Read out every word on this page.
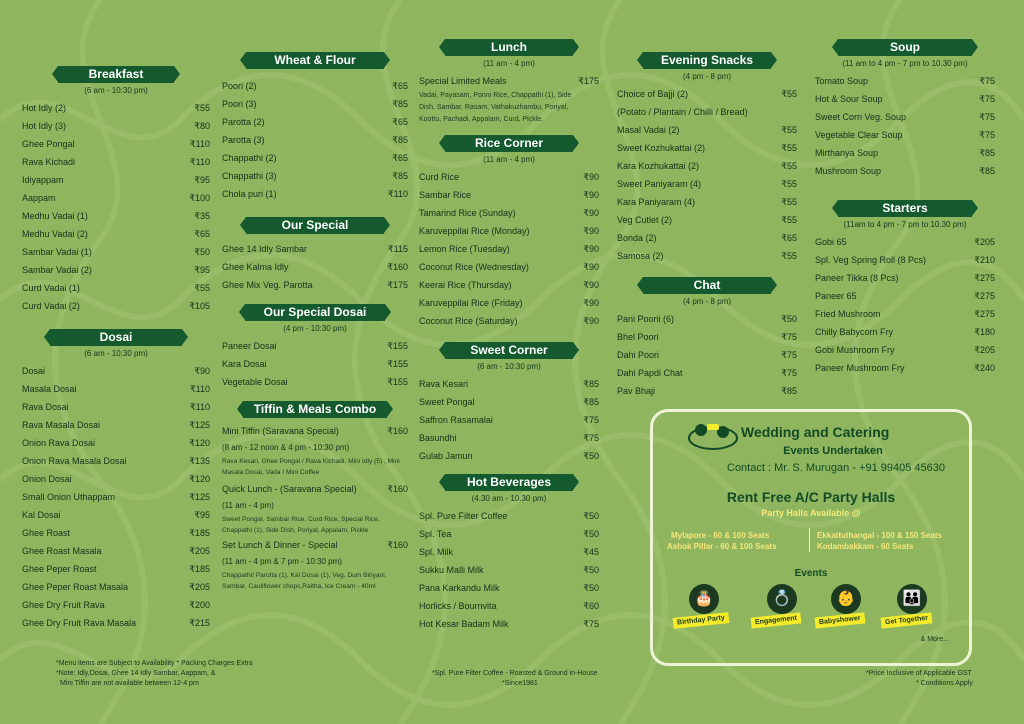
Breakfast
(6 am - 10:30 pm)
Hot Idly (2)	₹55
Hot Idly (3)	₹80
Ghee Pongal	₹110
Rava Kichadi	₹110
Idiyappam	₹95
Aappam	₹100
Medhu Vadai (1)	₹35
Medhu Vadai (2)	₹65
Sambar Vadai (1)	₹50
Sambar Vadai (2)	₹95
Curd Vadai (1)	₹55
Curd Vadai (2)	₹105
Dosai
(6 am - 10:30 pm)
Dosai	₹90
Masala Dosai	₹110
Rava Dosai	₹110
Rava Masala Dosai	₹125
Onion Rava Dosai	₹120
Onion Rava Masala Dosai	₹135
Onion Dosai	₹120
Small Onion Uthappam	₹125
Kal Dosai	₹95
Ghee Roast	₹185
Ghee Roast Masala	₹205
Ghee Peper Roast	₹185
Ghee Peper Roast Masala	₹205
Ghee Dry Fruit Rava	₹200
Ghee Dry Fruit Rava Masala	₹215
Wheat & Flour
Poori (2)	₹65
Poori (3)	₹85
Parotta (2)	₹65
Parotta (3)	₹85
Chappathi (2)	₹65
Chappathi (3)	₹85
Chola puri (1)	₹110
Our Special
Ghee 14 Idly Sambar	₹115
Ghee Kalma Idly	₹160
Ghee Mix Veg. Parotta	₹175
Our Special Dosai
(4 pm - 10:30 pm)
Paneer Dosai	₹155
Kara Dosai	₹155
Vegetable Dosai	₹155
Tiffin & Meals Combo
Mini Tiffin (Saravana Special)	₹160
(8 am - 12 noon & 4 pm - 10:30 pm)
Rava Kesari, Ghee Pongal / Rava Kichadi, Mini Idly (5) , Mini Masala Dosai, Vada / Mini Coffee
Quick Lunch - (Saravana Special)	₹160
(11 am - 4 pm)
Sweet Pongal, Sambar Rice, Curd Rice, Special Rice, Chappathi (1), Side Dish, Poriyal, Appalam, Pickle
Set Lunch & Dinner - Special	₹160
(11 am - 4 pm & 7 pm - 10:30 pm)
Chappathi/ Parotta (1), Kal Dosai (1), Veg. Dum Biriyani, Sambar, Cauliflower chops,Raitha, Ice Cream - 40ml
Lunch
(11 am - 4 pm)
Special Limited Meals	₹175
Vadai, Payasam, Ponni Rice, Chappathi (1), Side Dish, Sambar, Rasam, Vathakuzhambu, Poriyal, Koottu, Pachadi, Appalam, Curd, Pickle.
Rice Corner
(11 am - 4 pm)
Curd Rice	₹90
Sambar Rice	₹90
Tamarind Rice (Sunday)	₹90
Karuveppilai Rice (Monday)	₹90
Lemon Rice (Tuesday)	₹90
Coconut Rice (Wednesday)	₹90
Keerai Rice (Thursday)	₹90
Karuveppilai Rice (Friday)	₹90
Coconut Rice (Saturday)	₹90
Sweet Corner
(6 am - 10:30 pm)
Rava Kesari	₹85
Sweet Pongal	₹85
Saffron Rasamalai	₹75
Basundhi	₹75
Gulab Jamun	₹50
Hot Beverages
(4.30 am - 10.30 pm)
Spl. Pure Filter Coffee	₹50
Spl. Tea	₹50
Spl. Milk	₹45
Sukku Malli Milk	₹50
Pana Karkandu Milk	₹50
Horlicks / Bournvita	₹60
Hot Kesar Badam Milk	₹75
Evening Snacks
(4 pm - 8 pm)
Choice of Bajji (2)	₹55
(Potato / Plantain / Chilli / Bread)
Masal Vadai (2)	₹55
Sweet Kozhukattai (2)	₹55
Kara Kozhukattai (2)	₹55
Sweet Paniyaram (4)	₹55
Kara Paniyaram (4)	₹55
Veg Cutlet (2)	₹55
Bonda (2)	₹65
Samosa (2)	₹55
Chat
(4 pm - 8 pm)
Pani Poorii (6)	₹50
Bhel Poori	₹75
Dahi Poori	₹75
Dahi Papdi Chat	₹75
Pav Bhaji	₹85
Soup
(11 am to 4 pm - 7 pm to 10.30 pm)
Tomato Soup	₹75
Hot & Sour Soup	₹75
Sweet Corn Veg. Soup	₹75
Vegetable Clear Soup	₹75
Mirthanya Soup	₹85
Mushroom Soup	₹85
Starters
(11am to 4 pm - 7 pm to 10.30 pm)
Gobi 65	₹205
Spl. Veg Spring Roll (8 Pcs)	₹210
Paneer Tikka (8 Pcs)	₹275
Paneer 65	₹275
Fried Mushroom	₹275
Chilly Babycorn Fry	₹180
Gobi Mushroom Fry	₹205
Paneer Mushroom Fry	₹240
Wedding and Catering
Events Undertaken
Contact : Mr. S. Murugan - +91 99405 45630
Rent Free A/C Party Halls
Party Halls Available @
Mylapore - 60 & 100 Seats
Ashok Pillar - 60 & 100 Seats
Ekkattuthangal - 100 & 150 Seats
Kodambakkam - 60 Seats
Events
🎂
Birthday Party
💍
Engagement
👶
Babyshower
👪
Get Together
& More...
*Menu items are Subject to Availability * Packing Charges Extra
*Note: Idly,Dosai, Ghee 14 Idly Sambar, Aappam, &
Mini Tiffin are not available between 12-4 pm
*Spl. Pure Filter Coffee - Roasted & Ground in-House
*Since1981
*Price Inclusive of Applicable GST
* Conditions Apply
